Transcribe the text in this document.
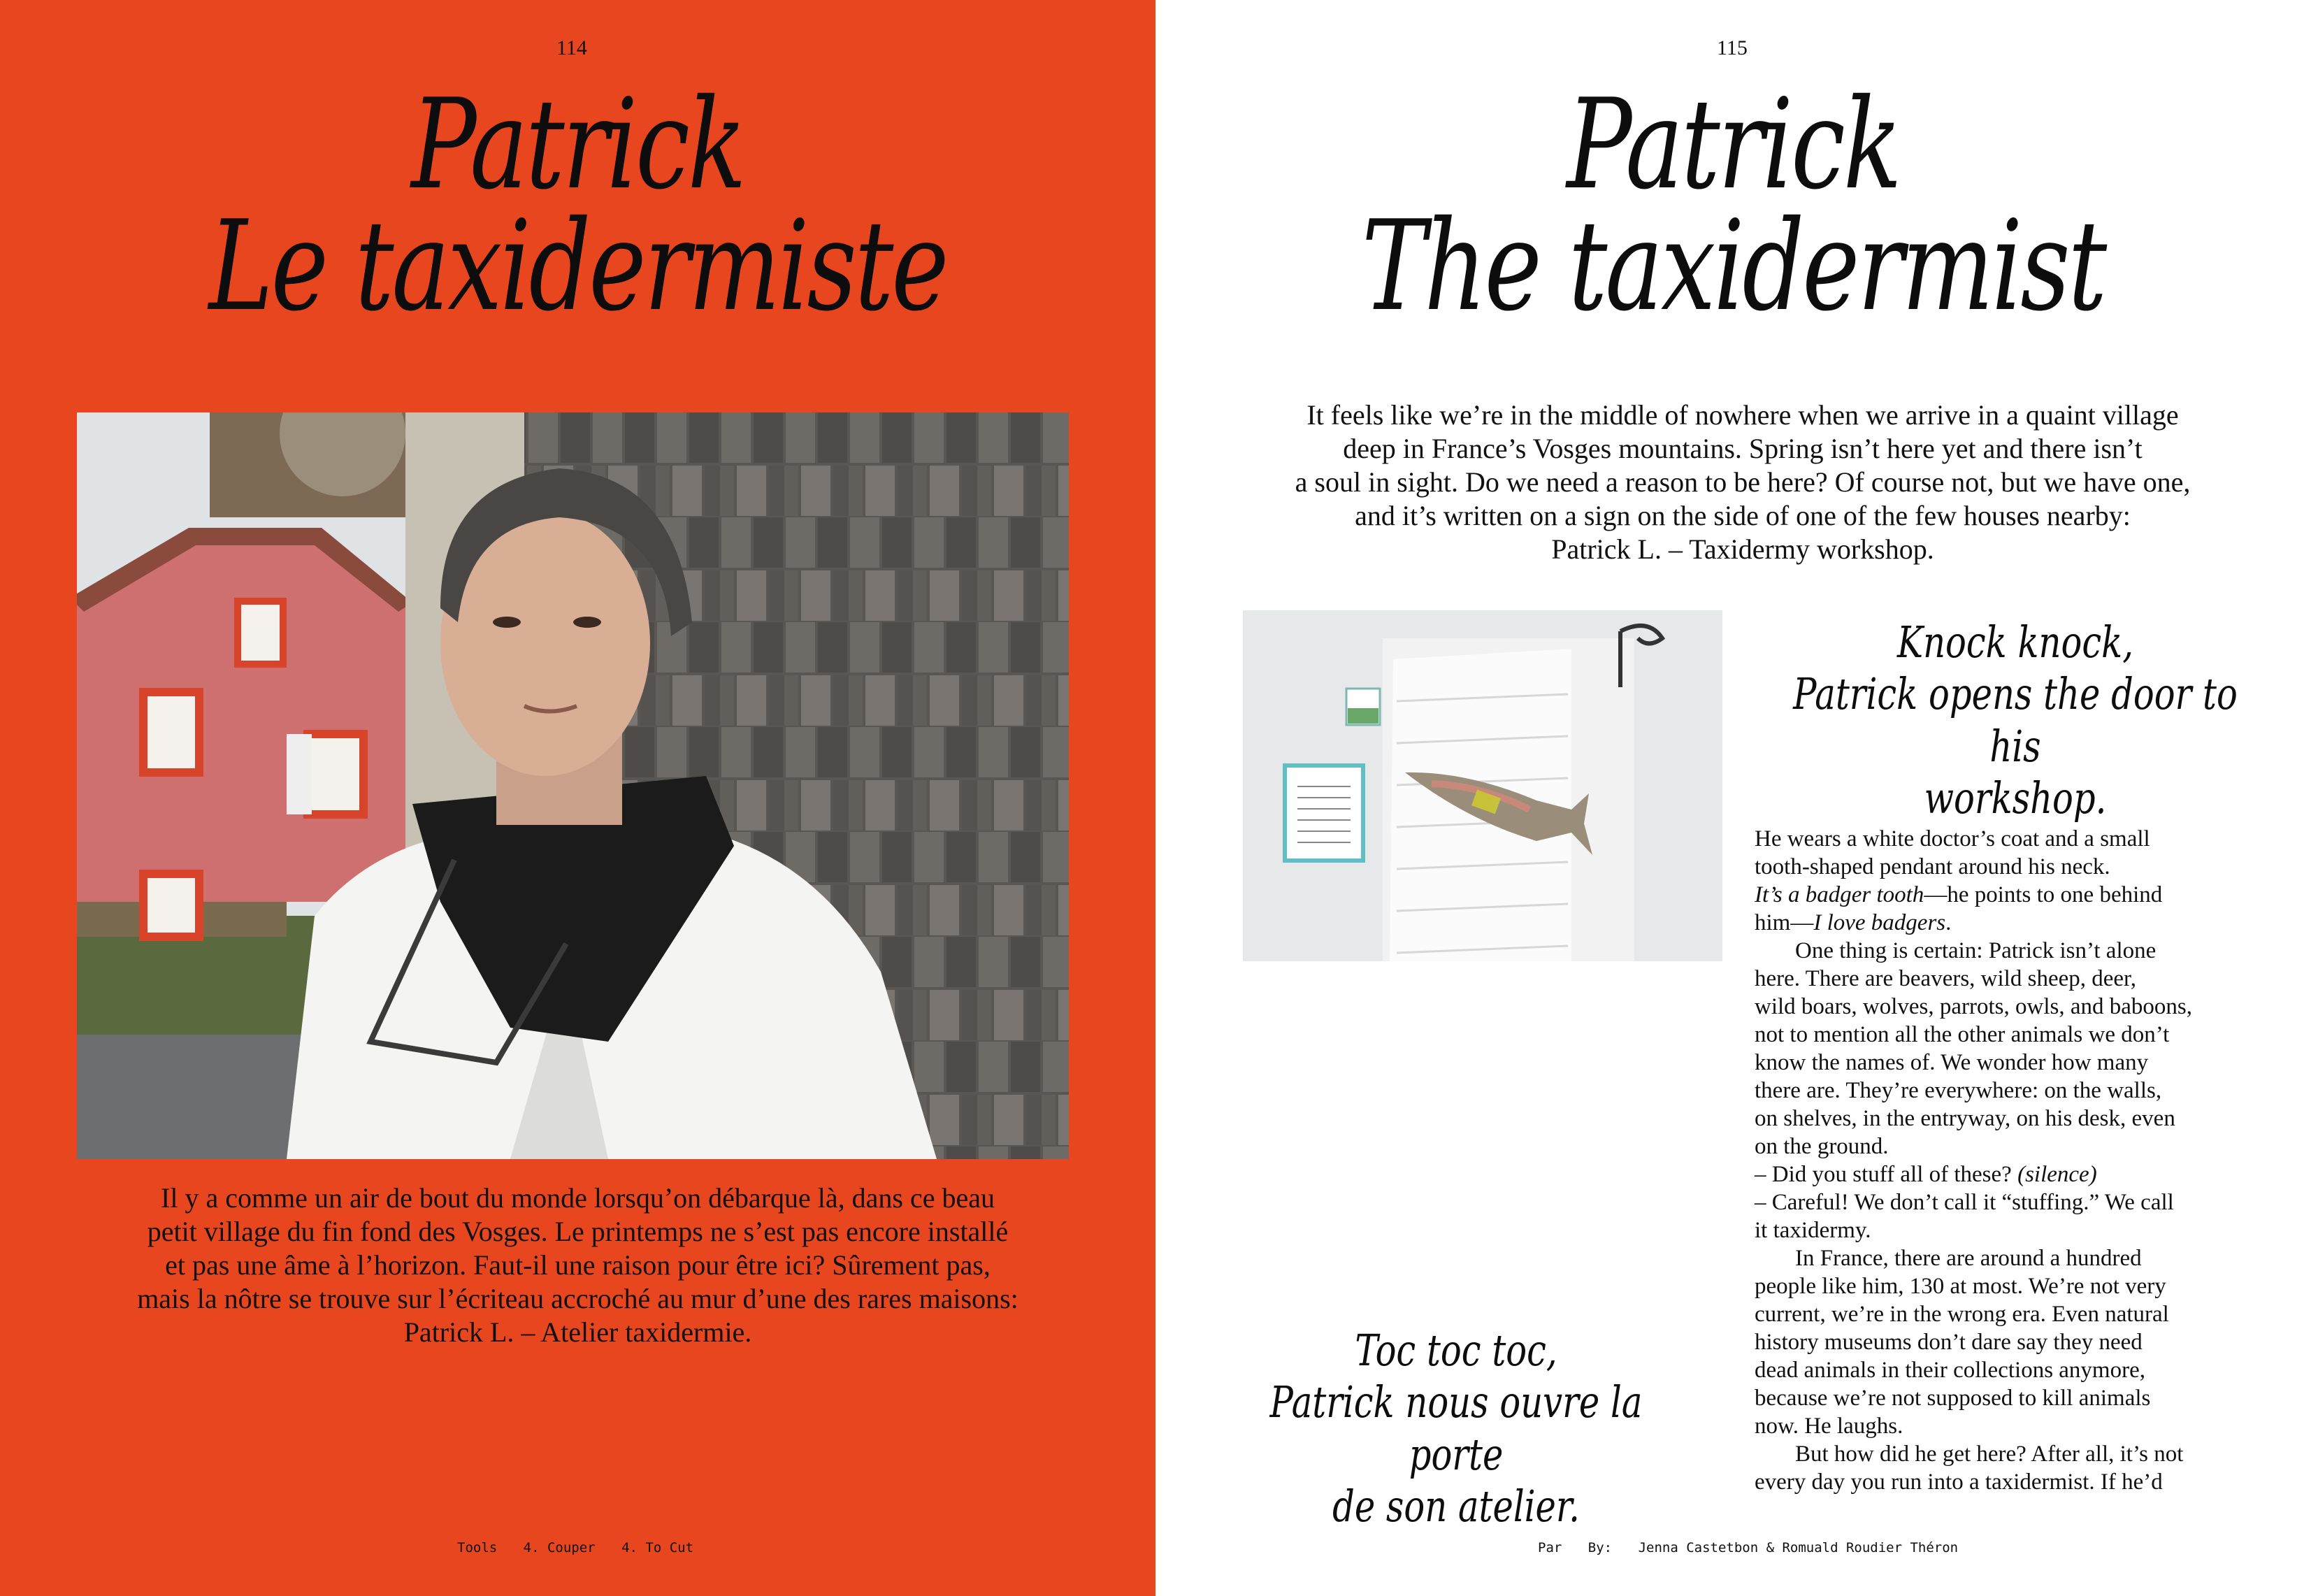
114
Patrick
Le taxidermiste

Il y a comme un air de bout du monde lorsqu’on débarque là, dans ce beau

petit village du fin fond des Vosges. Le printemps ne s’est pas encore installé

et pas une âme à l’horizon. Faut-il une raison pour être ici? Sûrement pas,

mais la nôtre se trouve sur l’écriteau accroché au mur d’une des rares maisons:

Patrick L. – Atelier taxidermie.

Tools 4. Couper 4. To Cut
115
Patrick
The taxidermist

It feels like we’re in the middle of nowhere when we arrive in a quaint village

deep in France’s Vosges mountains. Spring isn’t here yet and there isn’t

a soul in sight. Do we need a reason to be here? Of course not, but we have one,

and it’s written on a sign on the side of one of the few houses nearby:

Patrick L. – Taxidermy workshop.

Knock knock,
Patrick opens the door to his
workshop.

He wears a white doctor’s coat and a small

tooth-shaped pendant around his neck.

It’s a badger tooth—he points to one behind

him—I love badgers.

One thing is certain: Patrick isn’t alone

here. There are beavers, wild sheep, deer,

wild boars, wolves, parrots, owls, and baboons,

not to mention all the other animals we don’t

know the names of. We wonder how many

there are. They’re everywhere: on the walls,

on shelves, in the entryway, on his desk, even

on the ground.

– Did you stuff all of these? (silence)

– Careful! We don’t call it “stuffing.” We call

it taxidermy.

In France, there are around a hundred

people like him, 130 at most. We’re not very

current, we’re in the wrong era. Even natural

history museums don’t dare say they need

dead animals in their collections anymore,

because we’re not supposed to kill animals

now. He laughs.

But how did he get here? After all, it’s not

every day you run into a taxidermist. If he’d

Toc toc toc,
Patrick nous ouvre la porte
de son atelier.
Par By: Jenna Castetbon & Romuald Roudier Théron
